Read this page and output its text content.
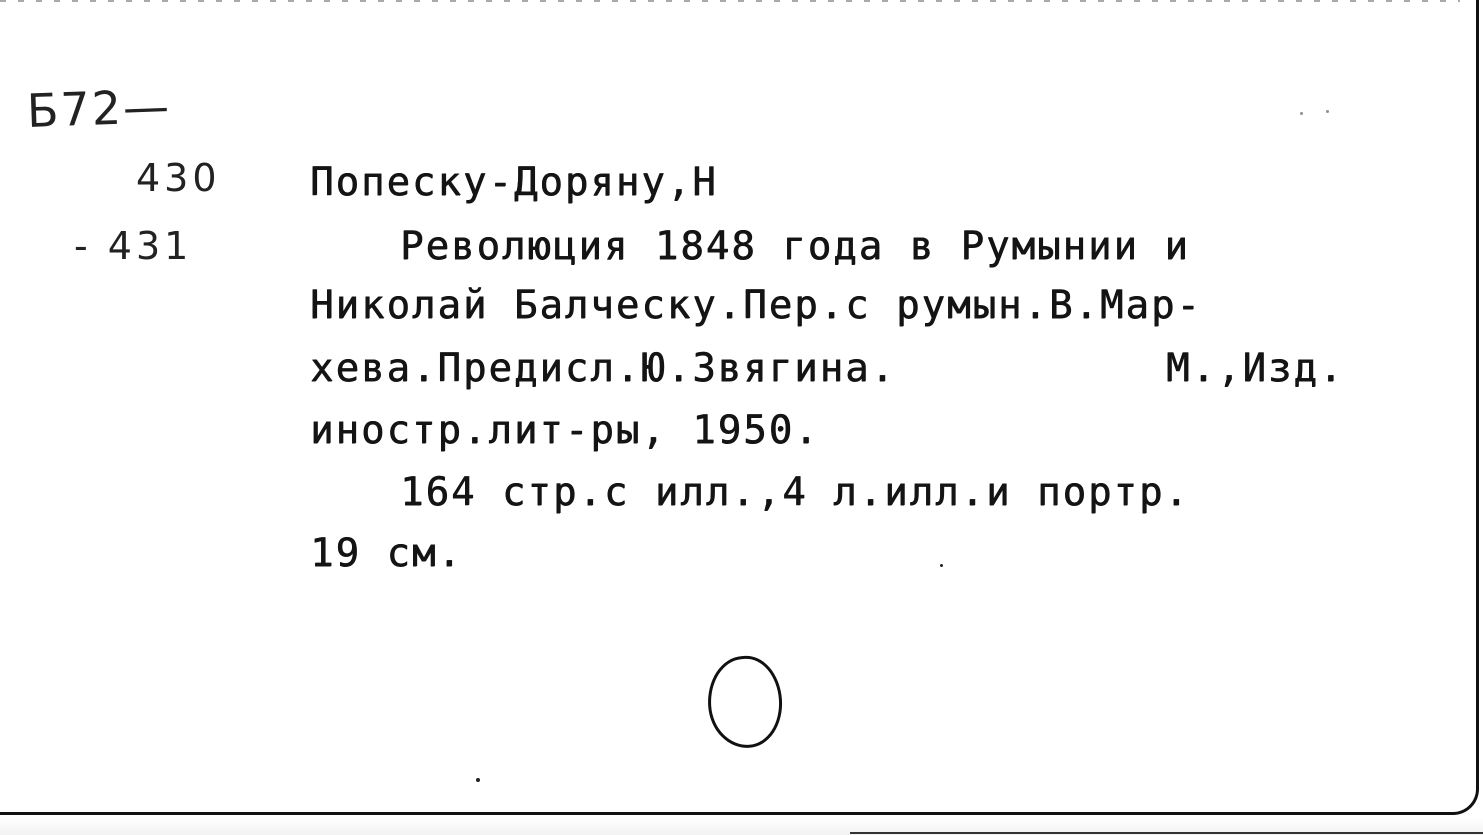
Б72—
430
- 431
Попеску-Доряну,Н
Революция 1848 года в Румынии и
Николай Балческу.Пер.с румын.В.Мар-
хева.Предисл.Ю.Звягина.	М.,Изд.
иностр.лит-ры, 1950.
164 стр.с илл.,4 л.илл.и портр.
19 см.
